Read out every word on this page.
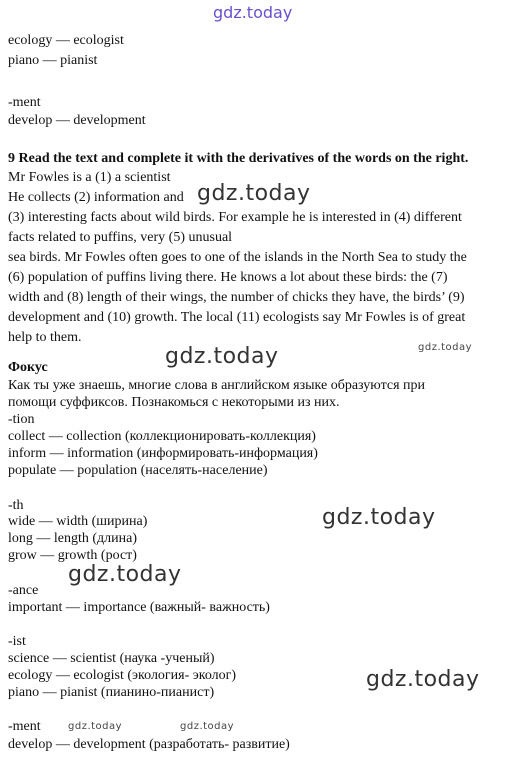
gdz.today
ecology — ecologist
piano — pianist
-ment
develop — development
9 Read the text and complete it with the derivatives of the words on the right.
Mr Fowles is a (1) a scientist
He collects (2) information and
(3) interesting facts about wild birds. For example he is interested in (4) different
facts related to puffins, very (5) unusual
sea birds. Mr Fowles often goes to one of the islands in the North Sea to study the
(6) population of puffins living there. He knows a lot about these birds: the (7)
width and (8) length of their wings, the number of chicks they have, the birds’ (9)
development and (10) growth. The local (11) ecologists say Mr Fowles is of great
help to them.
Фокус
Как ты уже знаешь, многие слова в английском языке образуются при
помощи суффиксов. Познакомься с некоторыми из них.
-tion
collect — collection (коллекционировать-коллекция)
inform — information (информировать-информация)
populate — population (населять-население)
-th
wide — width (ширина)
long — length (длина)
grow — growth (рост)
-ance
important — importance (важный- важность)
-ist
science — scientist (наука -ученый)
ecology — ecologist (экология- эколог)
piano — pianist (пианино-пианист)
-ment
develop — development (разработать- развитие)
gdz.today
gdz.today
gdz.today
gdz.today
gdz.today
gdz.today
gdz.today	gdz.today
